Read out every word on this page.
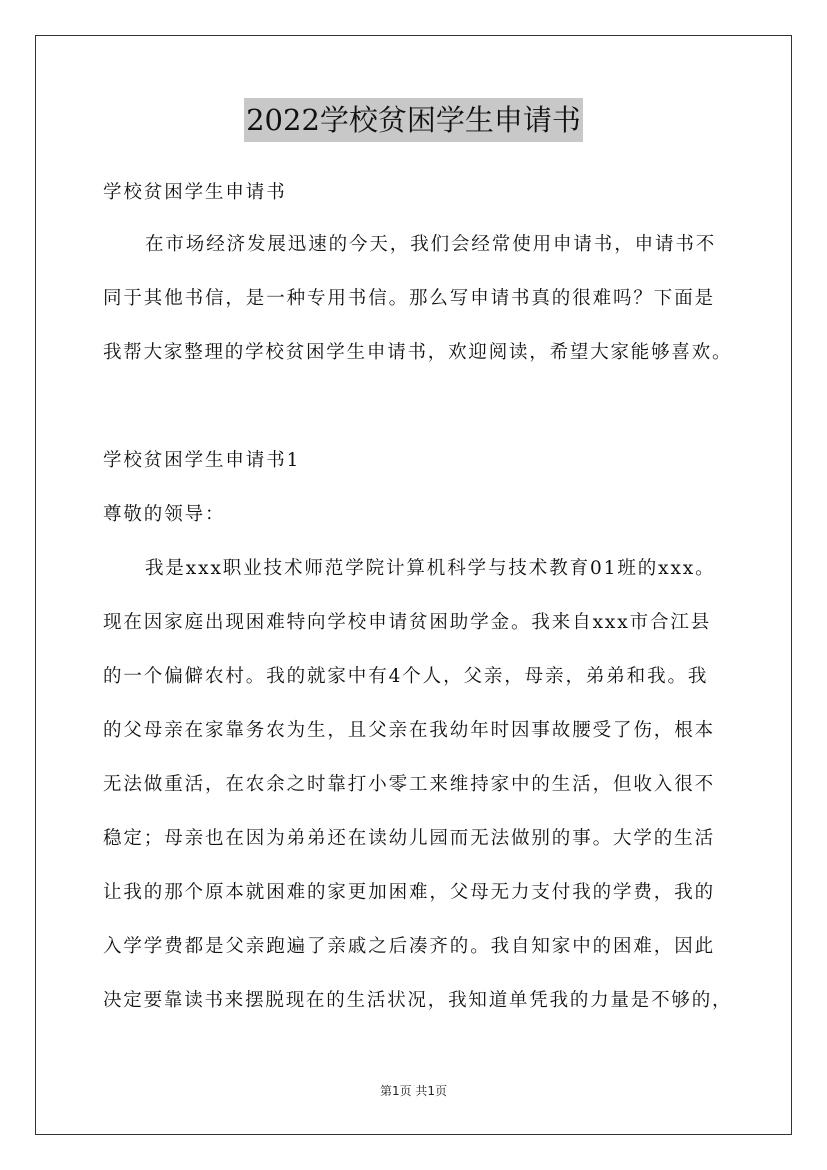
2022学校贫困学生申请书
学校贫困学生申请书
在市场经济发展迅速的今天，我们会经常使用申请书，申请书不
同于其他书信，是一种专用书信。那么写申请书真的很难吗？下面是
我帮大家整理的学校贫困学生申请书，欢迎阅读，希望大家能够喜欢。
学校贫困学生申请书1
尊敬的领导：
我是xxx职业技术师范学院计算机科学与技术教育01班的xxx。
现在因家庭出现困难特向学校申请贫困助学金。我来自xxx市合江县
的一个偏僻农村。我的就家中有4个人，父亲，母亲，弟弟和我。我
的父母亲在家靠务农为生，且父亲在我幼年时因事故腰受了伤，根本
无法做重活，在农余之时靠打小零工来维持家中的生活，但收入很不
稳定；母亲也在因为弟弟还在读幼儿园而无法做别的事。大学的生活
让我的那个原本就困难的家更加困难，父母无力支付我的学费，我的
入学学费都是父亲跑遍了亲戚之后凑齐的。我自知家中的困难，因此
决定要靠读书来摆脱现在的生活状况，我知道单凭我的力量是不够的，
第1页 共1页
